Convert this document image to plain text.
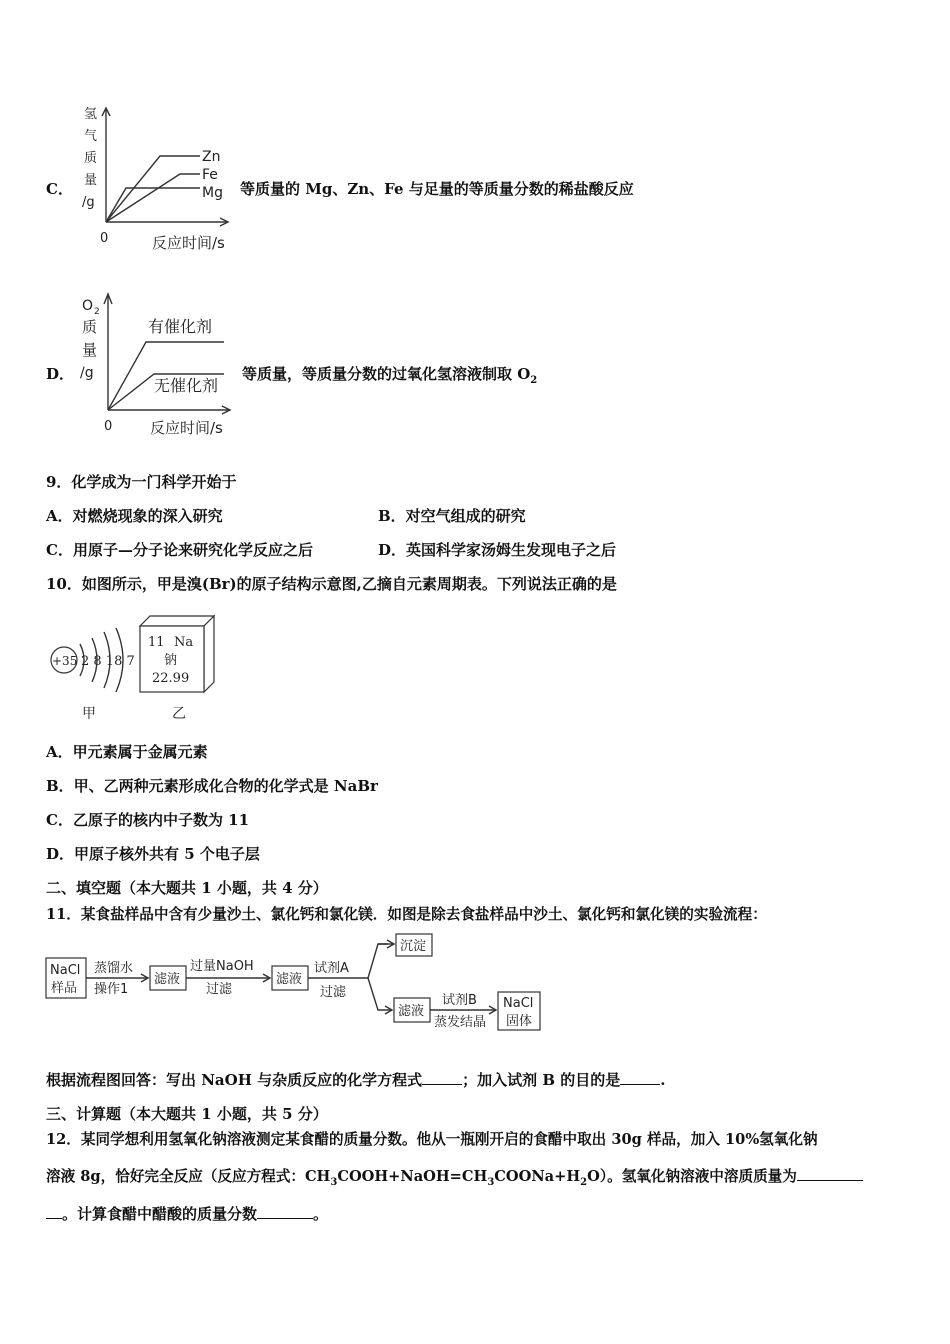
C．
氢
气
质
量
/g
Zn
Fe
Mg
0	反应时间/s
等质量的 Mg、Zn、Fe 与足量的等质量分数的稀盐酸反应
D．
O 2
质
量
/g
有催化剂
无催化剂
0	反应时间/s
等质量，等质量分数的过氧化氢溶液制取 $O_2$
9．化学成为一门科学开始于
A．对燃烧现象的深入研究	B．对空气组成的研究
C．用原子—分子论来研究化学反应之后	D．英国科学家汤姆生发现电子之后
10．如图所示，甲是溴(Br)的原子结构示意图,乙摘自元素周期表。下列说法正确的是
+35 2 8 18 7
甲
11 Na
钠
22.99
乙
A．甲元素属于金属元素
B．甲、乙两种元素形成化合物的化学式是 NaBr
C．乙原子的核内中子数为 11
D．甲原子核外共有 5 个电子层
二、填空题（本大题共 1 小题，共 4 分）
11．某食盐样品中含有少量沙土、氯化钙和氯化镁．如图是除去食盐样品中沙土、氯化钙和氯化镁的实验流程：
NaCl
样品
蒸馏水
操作1
滤液
过量NaOH
过滤
滤液
试剂A
过滤
沉淀
滤液
试剂B
蒸发结晶
NaCl
固体
根据流程图回答：写出 NaOH 与杂质反应的化学方程式	；加入试剂 B 的目的是	.
三、计算题（本大题共 1 小题，共 5 分）
12．某同学想利用氢氧化钠溶液测定某食醋的质量分数。他从一瓶刚开启的食醋中取出 30g 样品，加入 10%氢氧化钠
溶液 8g，恰好完全反应（反应方程式：$CH_3COOH+NaOH=CH_3COONa+H_2O$）。氢氧化钠溶液中溶质质量为
。计算食醋中醋酸的质量分数	。
